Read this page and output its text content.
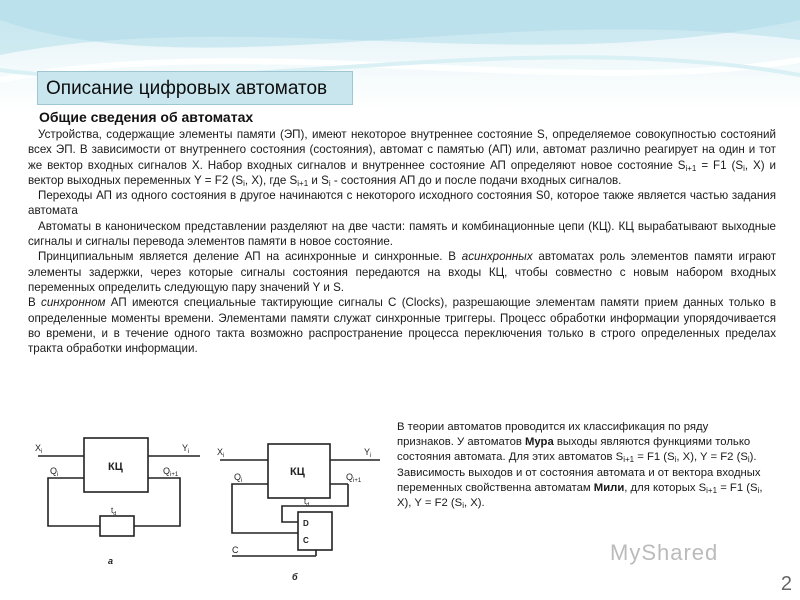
Описание цифровых автоматов
Общие сведения об автоматах

Устройства, содержащие элементы памяти (ЭП), имеют некоторое внутреннее состояние S, определяемое совокупностью состояний всех ЭП. В зависимости от внутреннего состояния (состояния), автомат с памятью (АП) или, автомат различно реагирует на один и тот же вектор входных сигналов X. Набор входных сигналов и внутреннее состояние АП определяют новое состояние $S_{i+1} = F1$ ($S_i$, X) и вектор выходных переменных Y = F2 ($S_i$, X), где $S_{i+1}$ и $S_i$ - состояния АП до и после подачи входных сигналов.

Переходы АП из одного состояния в другое начинаются с некоторого исходного состояния S0, которое также является частью задания автомата

Автоматы в каноническом представлении разделяют на две части: память и комбинационные цепи (КЦ). КЦ вырабатывают выходные сигналы и сигналы перевода элементов памяти в новое состояние.

Принципиальным является деление АП на асинхронные и синхронные. В асинхронных автоматах роль элементов памяти играют элементы задержки, через которые сигналы состояния передаются на входы КЦ, чтобы совместно с новым набором входных переменных определить следующую пару значений Y и S.

В синхронном АП имеются специальные тактирующие сигналы С (Clocks), разрешающие элементам памяти прием данных только в определенные моменты времени. Элементами памяти служат синхронные триггеры. Процесс обработки информации упорядочивается во времени, и в течение одного такта возможно распространение процесса переключения только в строго определенных пределах тракта обработки информации.

КЦ
$X_i$	$Y_i$
$Q_i$	$Q_{i+1}$
$t_d$
а
КЦ
$X_i$	$Y_i$
$Q_i$	$Q_{i+1}$
$t_d$
D
C
C
б

В теории автоматов проводится их классификация по ряду признаков. У автоматов Мура выходы являются функциями только состояния автомата. Для этих автоматов $S_{i+1} = F1$ ($S_i$, X), Y = F2 $(S_i)$.

Зависимость выходов и от состояния автомата и от вектора входных переменных свойственна автоматам Мили, для которых $S_{i+1} = F1$ ($S_i$, X), Y = F2 ($S_i$, X).

MyShared
2
